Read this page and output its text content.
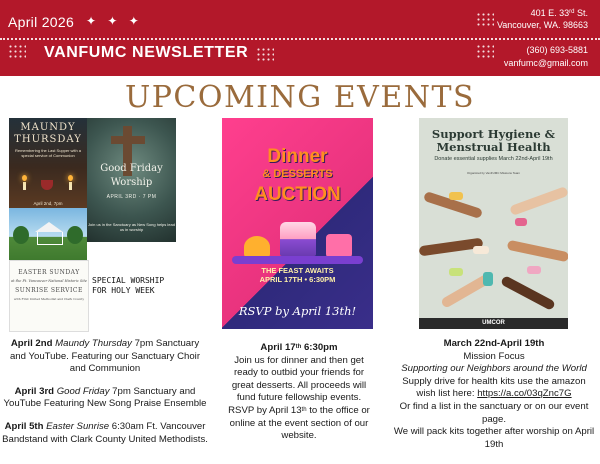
April 2026 ✦ ✦ ✦
VANFUMC NEWSLETTER
401 E. 33rd St.
Vancouver, WA. 98663
(360) 693-5881
vanfumc@gmail.com
UPCOMING EVENTS
MAUNDY THURSDAY
Remembering the Last Supper with a special service of Communion
April 2nd, 7pm
Good Friday Worship
APRIL 3RD · 7 PM
Join us in the Sanctuary as New Song helps lead us in worship
EASTER SUNDAY
at the Ft. Vancouver National Historic Site
SUNRISE SERVICE
with First United Methodist and Clark County
SPECIAL WORSHIP FOR HOLY WEEK
Dinner
& DESSERTS
AUCTION
THE FEAST AWAITS
APRIL 17TH • 6:30PM
RSVP by April 13th!
Support Hygiene & Menstrual Health
Donate essential supplies March 22nd-April 19th
Organized by VanFUMC Missions Team
UMCOR

April 2nd Maundy Thursday 7pm Sanctuary and YouTube. Featuring our Sanctuary Choir and Communion

April 3rd Good Friday 7pm Sanctuary and YouTube Featuring New Song Praise Ensemble

April 5th Easter Sunrise 6:30am Ft. Vancouver Bandstand with Clark County United Methodists.

April 17th 6:30pm
Join us for dinner and then get ready to outbid your friends for great desserts. All proceeds will fund future fellowship events. RSVP by April 13th to the office or online at the event section of our website.
March 22nd-April 19th
Mission Focus
Supporting our Neighbors around the World
Supply drive for health kits use the amazon wish list here: https://a.co/03qZnc7G
Or find a list in the sanctuary or on our event page.
We will pack kits together after worship on April 19th
